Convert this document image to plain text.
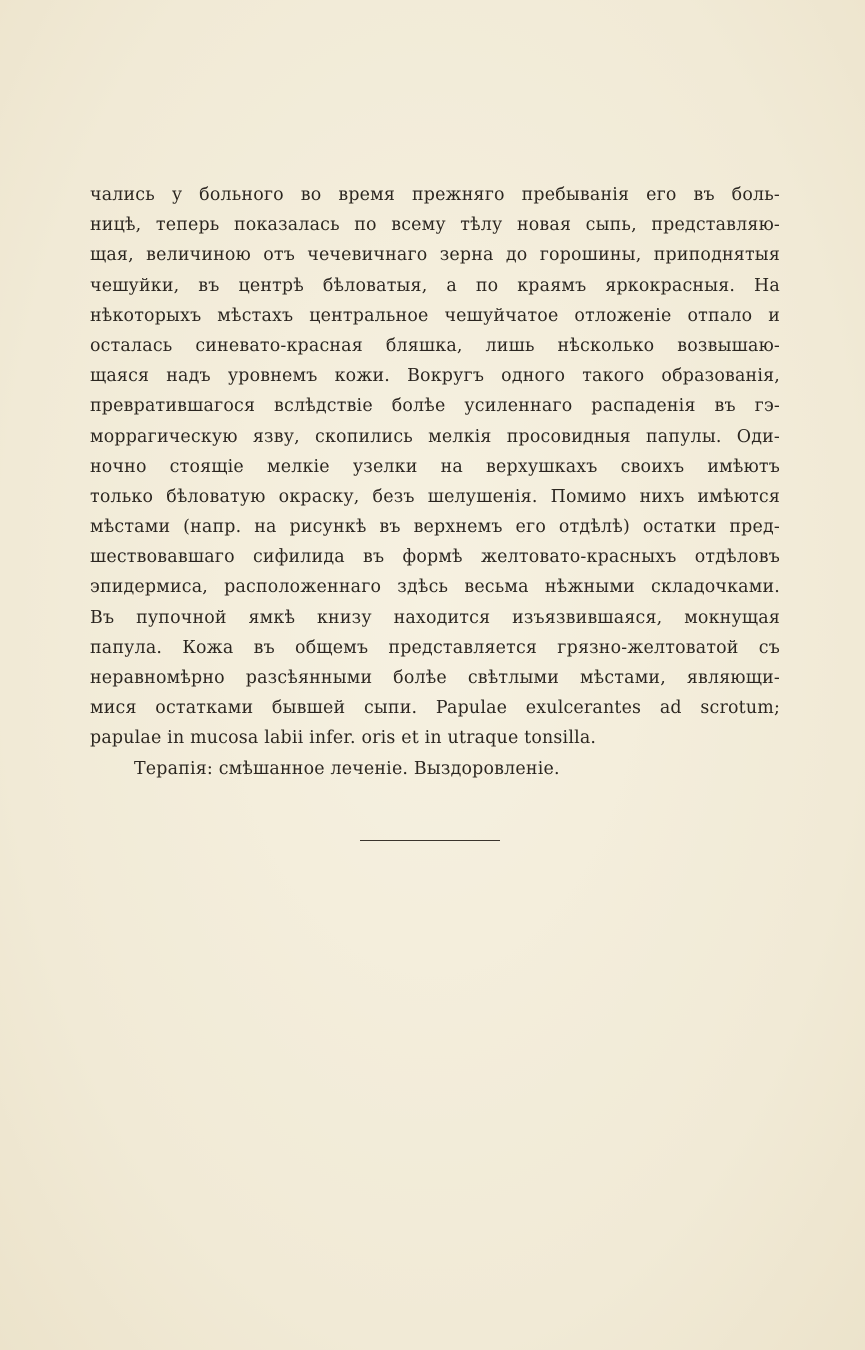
чались у больного во время прежняго пребыванія его въ боль-
ницѣ, теперь показалась по всему тѣлу новая сыпь, представляю-
щая, величиною отъ чечевичнаго зерна до горошины, приподнятыя
чешуйки, въ центрѣ бѣловатыя, а по краямъ яркокрасныя. На
нѣкоторыхъ мѣстахъ центральное чешуйчатое отложеніе отпало и
осталась синевато-красная бляшка, лишь нѣсколько возвышаю-
щаяся надъ уровнемъ кожи. Вокругъ одного такого образованія,
превратившагося вслѣдствіе болѣе усиленнаго распаденія въ гэ-
моррагическую язву, скопились мелкія просовидныя папулы. Оди-
ночно стоящіе мелкіе узелки на верхушкахъ своихъ имѣютъ
только бѣловатую окраску, безъ шелушенія. Помимо нихъ имѣются
мѣстами (напр. на рисункѣ въ верхнемъ его отдѣлѣ) остатки пред-
шествовавшаго сифилида въ формѣ желтовато-красныхъ отдѣловъ
эпидермиса, расположеннаго здѣсь весьма нѣжными складочками.
Въ пупочной ямкѣ книзу находится изъязвившаяся, мокнущая
папула. Кожа въ общемъ представляется грязно-желтоватой съ
неравномѣрно разсѣянными болѣе свѣтлыми мѣстами, являющи-
мися остатками бывшей сыпи. Papulae exulcerantes ad scrotum;
papulae in mucosa labii infer. oris et in utraque tonsilla.
Терапія: смѣшанное леченіе. Выздоровленіе.
